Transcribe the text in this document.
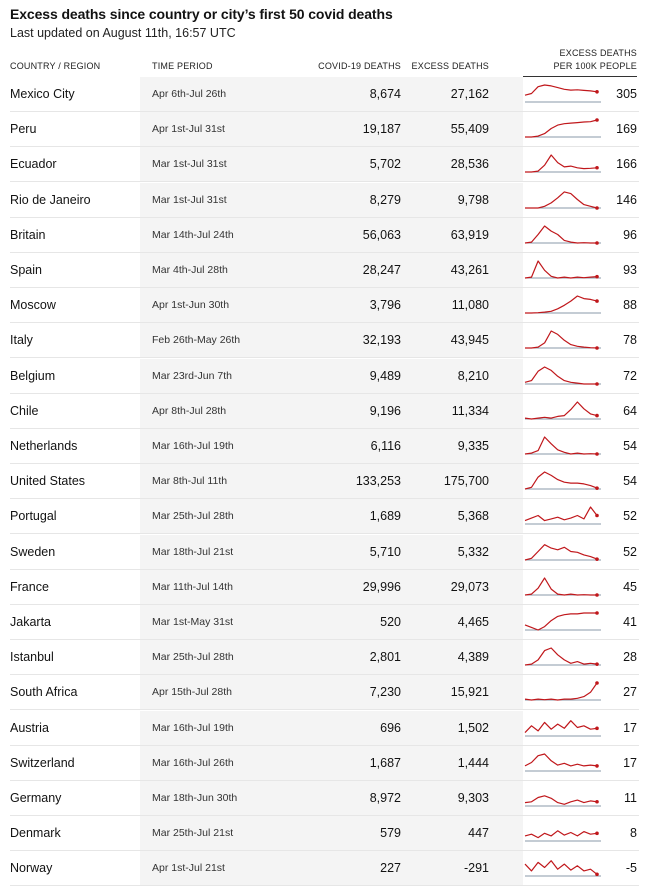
Excess deaths since country or city’s first 50 covid deaths
Last updated on August 11th, 16:57 UTC
COUNTRY / REGION	TIME PERIOD	COVID-19 DEATHS	EXCESS DEATHS
EXCESS DEATHS
PER 100K PEOPLE
Mexico City	Apr 6th-Jul 26th	8,674	27,162	305
Peru	Apr 1st-Jul 31st	19,187	55,409	169
Ecuador	Mar 1st-Jul 31st	5,702	28,536	166
Rio de Janeiro	Mar 1st-Jul 31st	8,279	9,798	146
Britain	Mar 14th-Jul 24th	56,063	63,919	96
Spain	Mar 4th-Jul 28th	28,247	43,261	93
Moscow	Apr 1st-Jun 30th	3,796	11,080	88
Italy	Feb 26th-May 26th	32,193	43,945	78
Belgium	Mar 23rd-Jun 7th	9,489	8,210	72
Chile	Apr 8th-Jul 28th	9,196	11,334	64
Netherlands	Mar 16th-Jul 19th	6,116	9,335	54
United States	Mar 8th-Jul 11th	133,253	175,700	54
Portugal	Mar 25th-Jul 28th	1,689	5,368	52
Sweden	Mar 18th-Jul 21st	5,710	5,332	52
France	Mar 11th-Jul 14th	29,996	29,073	45
Jakarta	Mar 1st-May 31st	520	4,465	41
Istanbul	Mar 25th-Jul 28th	2,801	4,389	28
South Africa	Apr 15th-Jul 28th	7,230	15,921	27
Austria	Mar 16th-Jul 19th	696	1,502	17
Switzerland	Mar 16th-Jul 26th	1,687	1,444	17
Germany	Mar 18th-Jun 30th	8,972	9,303	11
Denmark	Mar 25th-Jul 21st	579	447	8
Norway	Apr 1st-Jul 21st	227	-291	-5
